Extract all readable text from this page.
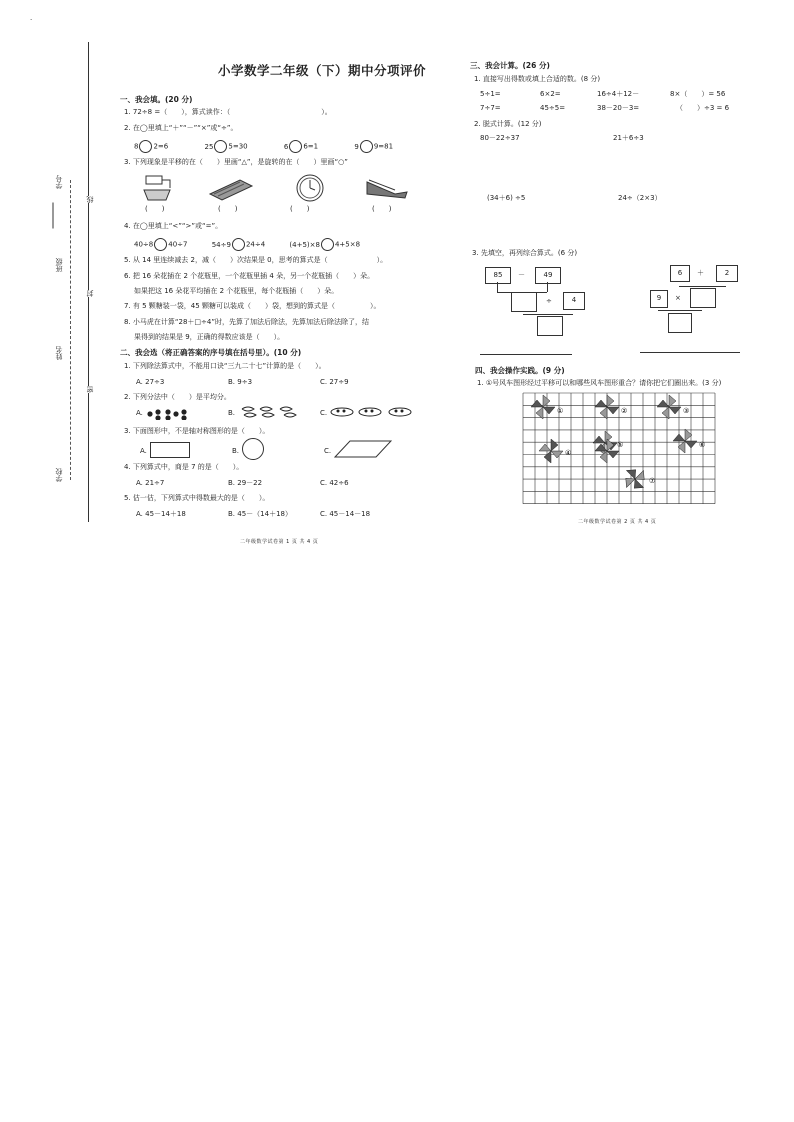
·
学号
班级
姓名
学校
线
封
密
小学数学二年级（下）期中分项评价
一、我会填。(20 分)
1. 72÷8 =（　　），算式读作：（　　　　　　　　　　　　　）。
2. 在◯里填上“＋”“－”“×”或“÷”。
8 2=6	25 5=30	6 6=1	9 9=81
3. 下列现象是平移的在（　　）里画“△”，是旋转的在（　　）里画“○”
(　　)	(　　)	(　　)	(　　)
4. 在◯里填上“<”“>”或“=”。
40÷8 40÷7	54÷9 24÷4	(4+5)×8 4+5×8
5. 从 14 里连续减去 2，减（　　）次结果是 0，思考的算式是（　　　　　　　）。
6. 把 16 朵花插在 2 个花瓶里，一个花瓶里插 4 朵，另一个花瓶插（　　）朵。
如果把这 16 朵花平均插在 2 个花瓶里，每个花瓶插（　　）朵。
7. 有 5 颗糖装一袋，45 颗糖可以装成（　　）袋，想到的算式是（　　　　　）。
8. 小马虎在计算“28＋□÷4”时，先算了加法后除法，先算加法后除法除了，结
果得到的结果是 9，正确的得数应该是（　　）。
二、我会选（将正确答案的序号填在括号里）。(10 分)
1. 下列除法算式中，不能用口诀“三九二十七”计算的是（　　）。
A. 27÷3	B. 9÷3	C. 27÷9
2. 下列分法中（　　）是平均分。
A.	B.	C.
3. 下面图形中，不是轴对称图形的是（　　）。
A.	B.	C.
4. 下列算式中，商是 7 的是（　　）。
A. 21÷7	B. 29－22	C. 42÷6
5. 估一估，下列算式中得数最大的是（　　）。
A. 45－14＋18	B. 45－（14＋18）	C. 45－14－18
二年级数学试卷第 1 页 共 4 页
三、我会计算。(26 分)
1. 直接写出得数或填上合适的数。(8 分)
5÷1=	6×2=	16÷4＋12－	8×（　　）= 56
7÷7=	45÷5=	38－20－3=	（　　）÷3 = 6
2. 脱式计算。(12 分)
80－22÷37	21＋6÷3
(34＋6) ÷5	24÷（2×3）
3. 先填空，再列综合算式。(6 分)
85	－	49
÷	4
6	＋	2
9	×
四、我会操作实践。(9 分)
1. ①号风车图形经过平移可以和哪些风车图形重合？请你把它们圈出来。(3 分)
①	②	③
④
⑤	⑥
⑦
二年级数学试卷第 2 页 共 4 页
